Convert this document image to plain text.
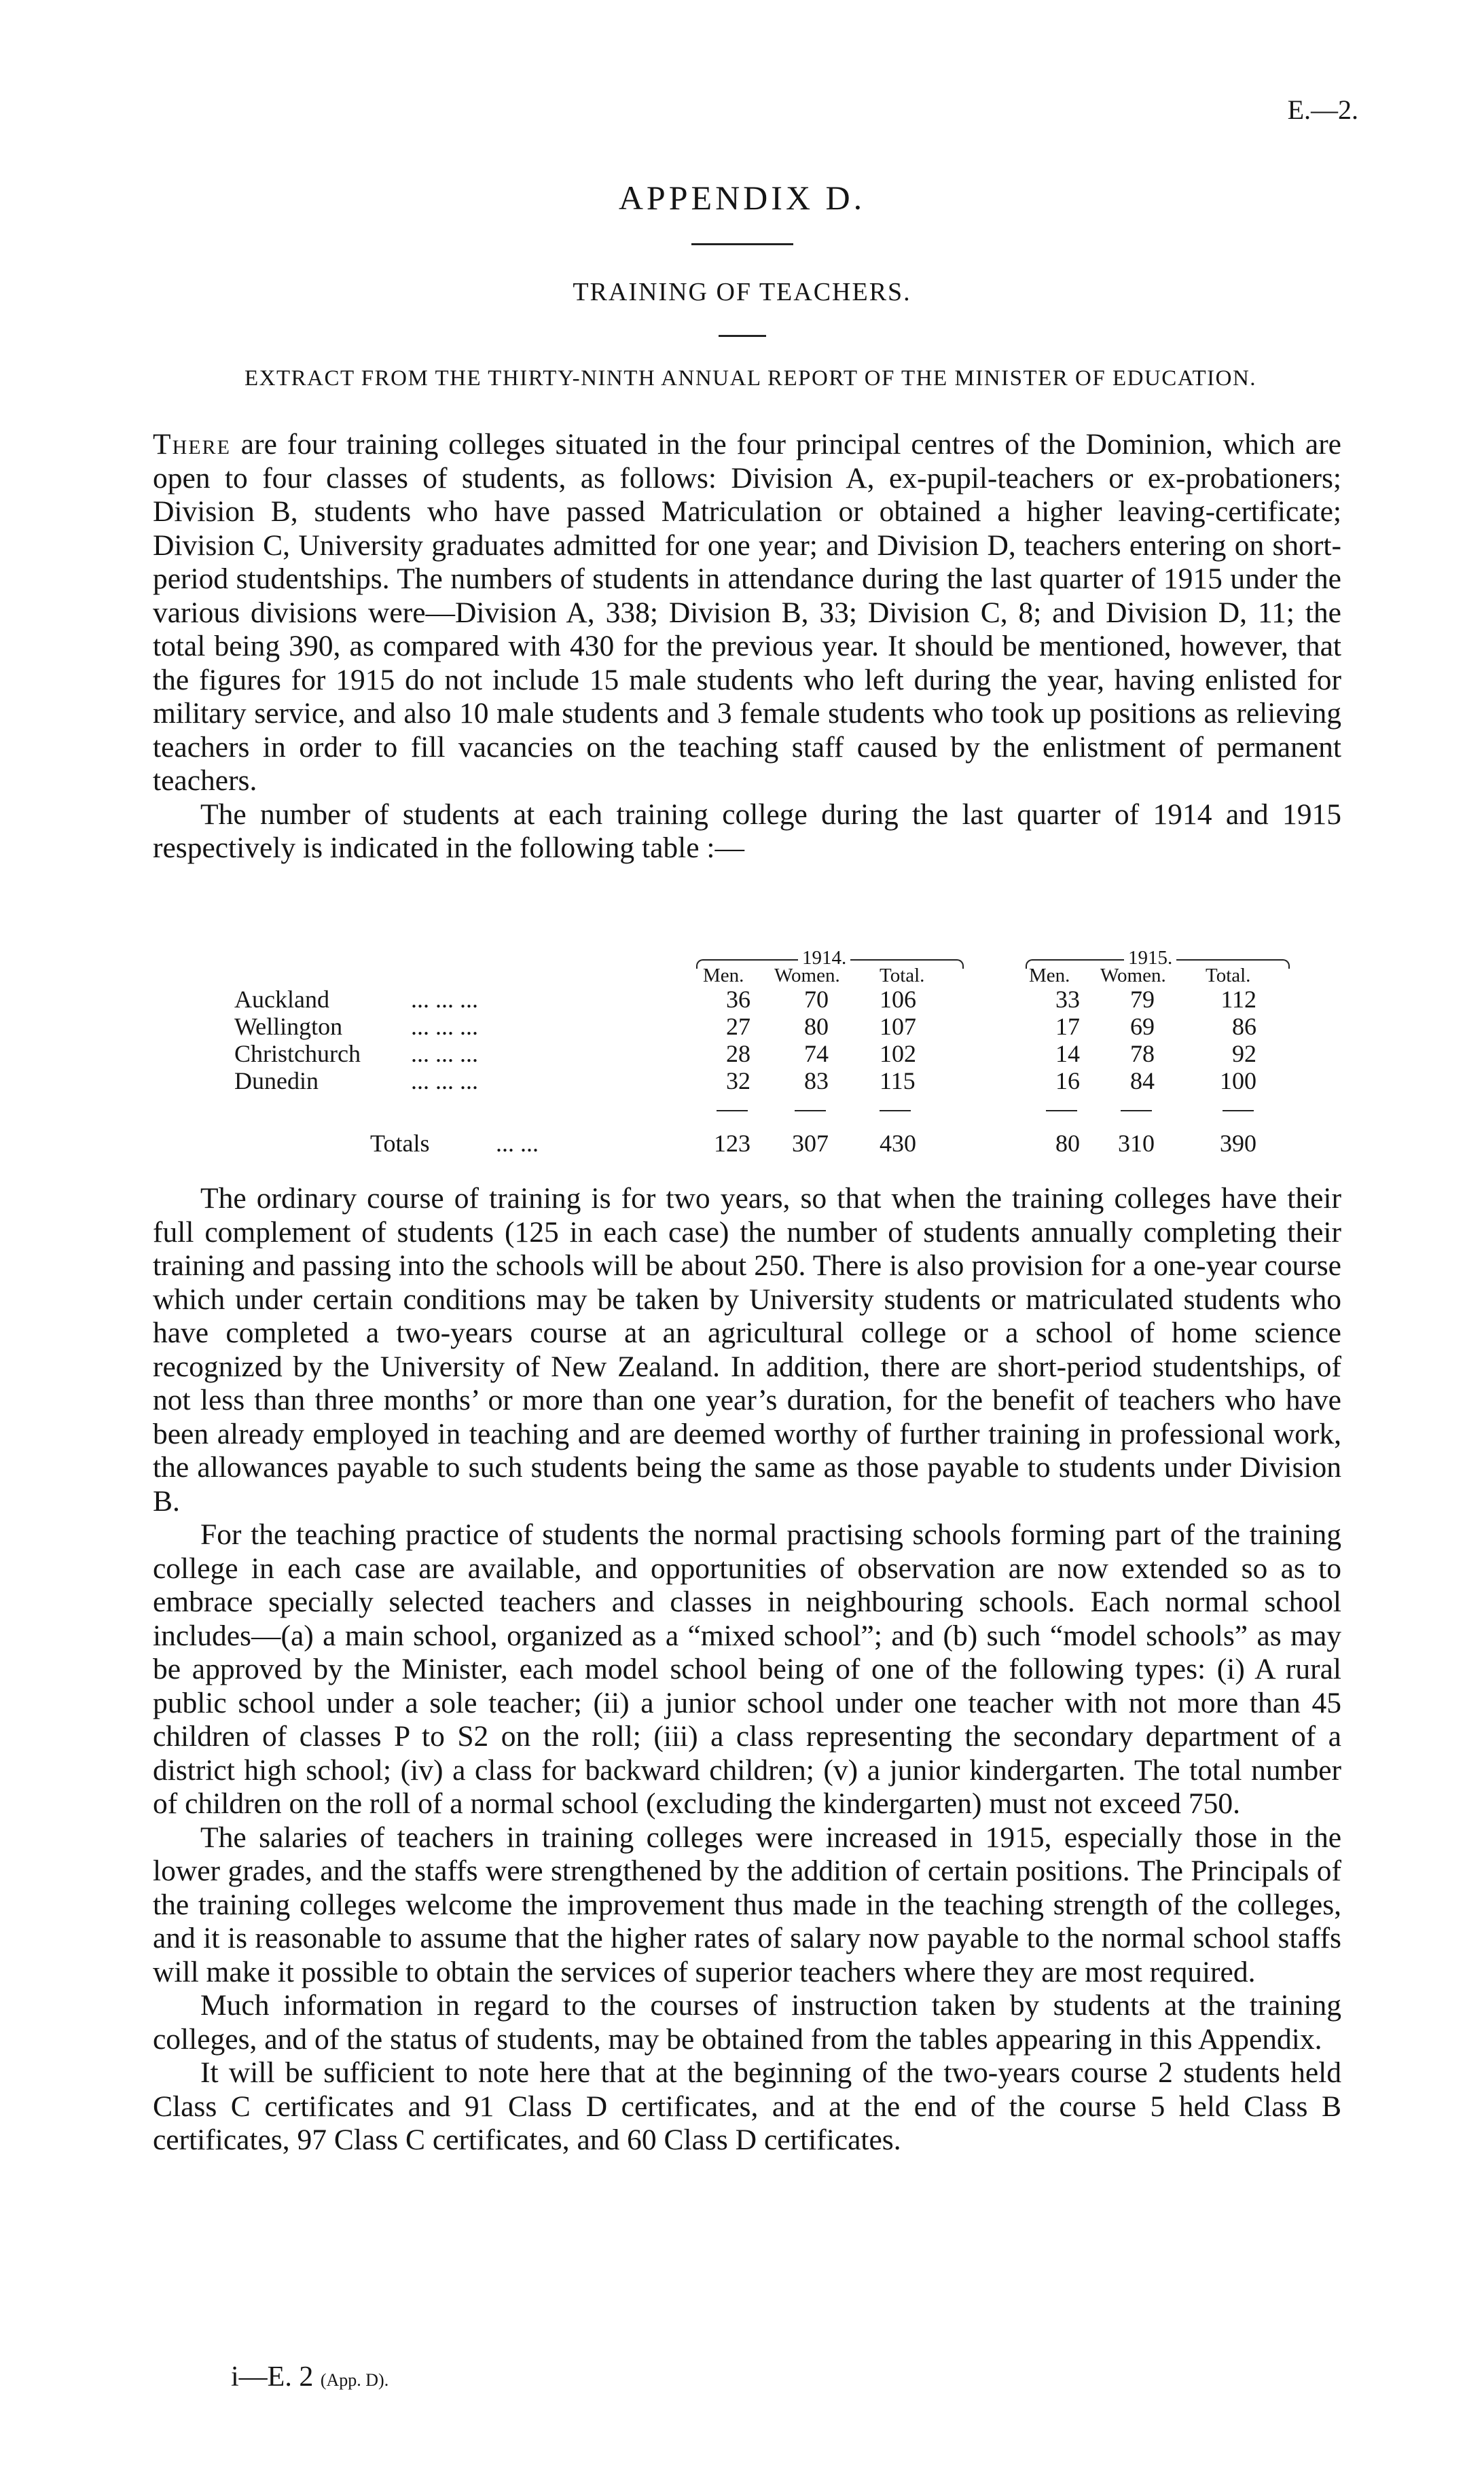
E.—2.
APPENDIX D.
TRAINING OF TEACHERS.
EXTRACT FROM THE THIRTY-NINTH ANNUAL REPORT OF THE MINISTER OF EDUCATION.

There are four training colleges situated in the four principal centres of the Dominion, which are open to four classes of students, as follows: Division A, ex-pupil-teachers or ex-probationers; Division B, students who have passed Matriculation or obtained a higher leaving-certificate; Division C, University graduates admitted for one year; and Division D, teachers entering on short-period studentships. The numbers of students in attendance during the last quarter of 1915 under the various divisions were—Division A, 338; Division B, 33; Division C, 8; and Division D, 11; the total being 390, as compared with 430 for the previous year. It should be mentioned, however, that the figures for 1915 do not include 15 male students who left during the year, having enlisted for military service, and also 10 male students and 3 female students who took up positions as relieving teachers in order to fill vacancies on the teaching staff caused by the enlistment of permanent teachers.

The number of students at each training college during the last quarter of 1914 and 1915 respectively is indicated in the following table :—

1914.	1915.
Men. Women. Total.	Men. Women. Total.
Auckland	... ... ...	36	70 106	33	79	112
Wellington	... ... ...	27	80 107	17	69	86
Christchurch ... ... ...	28	74 102	14	78	92
Dunedin	... ... ...	32	83 115	16	84	100
Totals	... ...	123	307 430	80	310	390

The ordinary course of training is for two years, so that when the training colleges have their full complement of students (125 in each case) the number of students annually completing their training and passing into the schools will be about 250. There is also provision for a one-year course which under certain conditions may be taken by University students or matriculated students who have completed a two-years course at an agricultural college or a school of home science recognized by the University of New Zealand. In addition, there are short-period studentships, of not less than three months’ or more than one year’s duration, for the benefit of teachers who have been already employed in teaching and are deemed worthy of further training in professional work, the allowances payable to such students being the same as those payable to students under Division B.

For the teaching practice of students the normal practising schools forming part of the training college in each case are available, and opportunities of observation are now extended so as to embrace specially selected teachers and classes in neighbouring schools. Each normal school includes—(a) a main school, organized as a “mixed school”; and (b) such “model schools” as may be approved by the Minister, each model school being of one of the following types: (i) A rural public school under a sole teacher; (ii) a junior school under one teacher with not more than 45 children of classes P to S2 on the roll; (iii) a class representing the secondary department of a district high school; (iv) a class for backward children; (v) a junior kindergarten. The total number of children on the roll of a normal school (excluding the kindergarten) must not exceed 750.

The salaries of teachers in training colleges were increased in 1915, especially those in the lower grades, and the staffs were strengthened by the addition of certain positions. The Principals of the training colleges welcome the improvement thus made in the teaching strength of the colleges, and it is reasonable to assume that the higher rates of salary now payable to the normal school staffs will make it possible to obtain the services of superior teachers where they are most required.

Much information in regard to the courses of instruction taken by students at the training colleges, and of the status of students, may be obtained from the tables appearing in this Appendix.

It will be sufficient to note here that at the beginning of the two-years course 2 students held Class C certificates and 91 Class D certificates, and at the end of the course 5 held Class B certificates, 97 Class C certificates, and 60 Class D certificates.

i—E. 2 (App. D).
